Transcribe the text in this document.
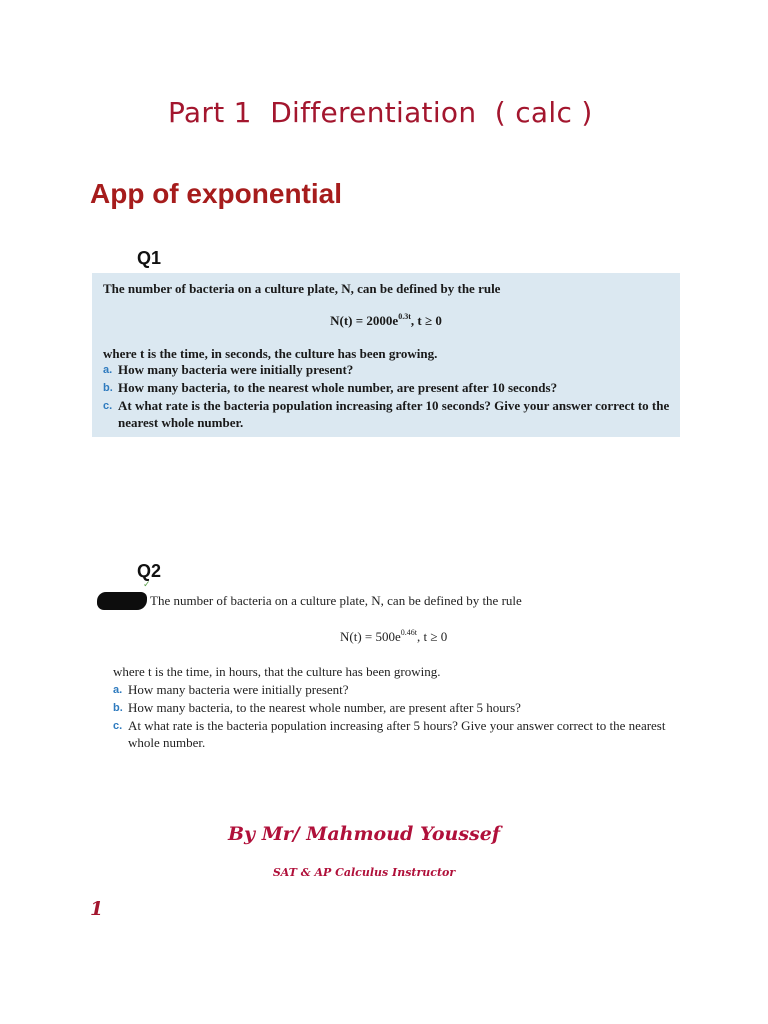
Part 1  Differentiation  ( calc )
App of exponential
Q1
The number of bacteria on a culture plate, N, can be defined by the rule
$N(t) = 2000e^{0.3t}$, t ≥ 0
where t is the time, in seconds, the culture has been growing.
a. How many bacteria were initially present?
b. How many bacteria, to the nearest whole number, are present after 10 seconds?
c. At what rate is the bacteria population increasing after 10 seconds? Give your answer correct to the nearest whole number.
Q2
✓
The number of bacteria on a culture plate, N, can be defined by the rule
$N(t) = 500e^{0.46t}$, t ≥ 0
where t is the time, in hours, that the culture has been growing.
a. How many bacteria were initially present?
b. How many bacteria, to the nearest whole number, are present after 5 hours?
c. At what rate is the bacteria population increasing after 5 hours? Give your answer correct to the nearest whole number.
By Mr/ Mahmoud Youssef
SAT & AP Calculus Instructor
1
